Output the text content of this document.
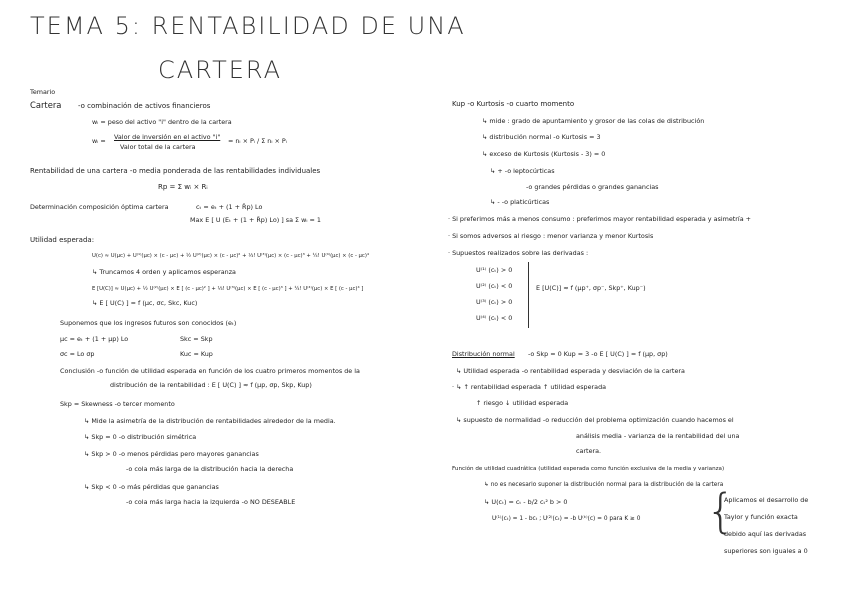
TEMA 5: RENTABILIDAD DE UNA
CARTERA
Temario
Cartera -o combinación de activos financieros
wᵢ = peso del activo "i" dentro de la cartera
wᵢ = Valor de inversión en el activo "i"
Valor total de la cartera
= nᵢ × Pᵢ / Σ nᵢ × Pᵢ
Rentabilidad de una cartera -o media ponderada de las rentabilidades individuales
Rp = Σ wᵢ × Rᵢ
Determinación composición óptima cartera	cₜ = eₜ + (1 + R̃p) Lo
Max E [ U (Eₜ + (1 + R̃p) Lo) ] sa Σ wᵢ = 1
Utilidad esperada:
U(c) ≈ U(μc) + U⁽¹⁾(μc) × (c - μc) + ½ U⁽²⁾(μc) × (c - μc)² + ⅓! U⁽³⁾(μc) × (c - μc)³ + ¼! U⁽⁴⁾(μc) × (c - μc)⁴
↳ Truncamos 4 orden y aplicamos esperanza
E [U(C)] ≈ U(μc) + ½ U⁽²⁾(μc) × E [ (c - μc)² ] + ⅓! U⁽³⁾(μc) × E [ (c - μc)³ ] + ¼! U⁽⁴⁾(μc) × E [ (c - μc)⁴ ]
↳ E [ U(C) ] = f (μc, σc, Skc, Kuc)
Suponemos que los ingresos futuros son conocidos (eₜ)
μc = eₜ + (1 + μp) Lo	Skc = Skp
σc = Lo σp	Kuc = Kup
Conclusión -o función de utilidad esperada en función de los cuatro primeros momentos de la
distribución de la rentabilidad : E [ U(C) ] ≈ f (μp, σp, Skp, Kup)
Skp = Skewness -o tercer momento
↳ Mide la asimetría de la distribución de rentabilidades alrededor de la media.
↳ Skp = 0 -o distribución simétrica
↳ Skp > 0 -o menos pérdidas pero mayores ganancias
-o cola más larga de la distribución hacia la derecha
↳ Skp < 0 -o más pérdidas que ganancias
-o cola más larga hacia la izquierda -o NO DESEABLE
Kup -o Kurtosis -o cuarto momento
↳ mide : grado de apuntamiento y grosor de las colas de distribución
↳ distribución normal -o Kurtosis = 3
↳ exceso de Kurtosis (Kurtosis - 3) = 0
↳ + -o leptocúrticas
-o grandes pérdidas o grandes ganancias
↳ - -o platicúrticas
· Si preferimos más a menos consumo : preferimos mayor rentabilidad esperada y asimetría +
· Si somos adversos al riesgo : menor varianza y menor Kurtosis
· Supuestos realizados sobre las derivadas :
U⁽¹⁾ (cₜ) > 0
U⁽²⁾ (cₜ) < 0
U⁽³⁾ (cₜ) > 0
U⁽⁴⁾ (cₜ) < 0
E [U(C)] ≈ f (μp⁺, σp⁻, Skp⁺, Kup⁻)
Distribución normal -o Skp = 0 Kup = 3 -o E [ U(C) ] = f (μp, σp)
↳ Utilidad esperada -o rentabilidad esperada y desviación de la cartera
· ↳ ↑ rentabilidad esperada ↑ utilidad esperada
↑ riesgo ↓ utilidad esperada
↳ supuesto de normalidad -o reducción del problema optimización cuando hacemos el
análisis media - varianza de la rentabilidad del una
cartera.
Función de utilidad cuadrática (utilidad esperada como función exclusiva de la media y varianza)
↳ no es necesario suponer la distribución normal para la distribución de la cartera
↳ U(cₜ) = cₜ - b/2 cₜ² b > 0
U⁽¹⁾(cₜ) = 1 - bcₜ ; U⁽²⁾(cₜ) = -b U⁽ᵏ⁾(c) = 0 para K ≥ 0 {
Aplicamos el desarrollo de
Taylor y función exacta
debido aquí las derivadas
superiores son iguales a 0
